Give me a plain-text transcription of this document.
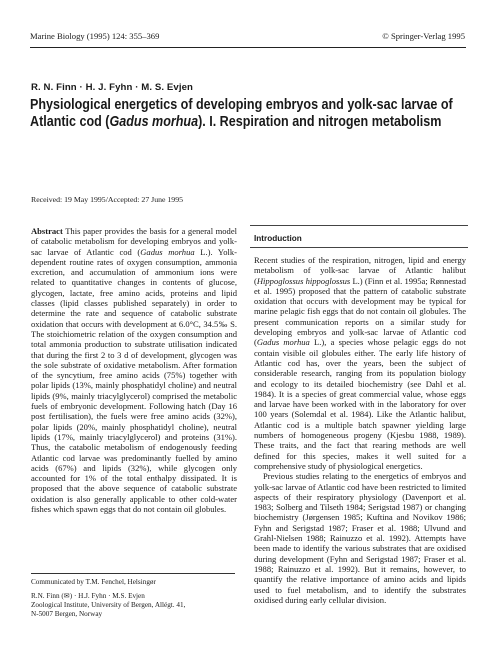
Marine Biology (1995) 124: 355–369	© Springer-Verlag 1995
R. N. Finn · H. J. Fyhn · M. S. Evjen
Physiological energetics of developing embryos and yolk-sac larvae of
Atlantic cod (Gadus morhua). I. Respiration and nitrogen metabolism
Received: 19 May 1995/Accepted: 27 June 1995

Abstract This paper provides the basis for a general model of catabolic metabolism for developing embryos and yolk-sac larvae of Atlantic cod (Gadus morhua L.). Yolk-dependent routine rates of oxygen consumption, ammonia excretion, and accumulation of ammonium ions were related to quantitative changes in contents of glucose, glycogen, lactate, free amino acids, proteins and lipid classes (lipid classes published separately) in order to determine the rate and sequence of catabolic substrate oxidation that occurs with development at 6.0°C, 34.5‰ S. The stoichiometric relation of the oxygen consumption and total ammonia production to substrate utilisation indicated that during the first 2 to 3 d of development, glycogen was the sole substrate of oxidative metabolism. After formation of the syncytium, free amino acids (75%) together with polar lipids (13%, mainly phosphatidyl choline) and neutral lipids (9%, mainly triacylglycerol) comprised the metabolic fuels of embryonic development. Following hatch (Day 16 post fertilisation), the fuels were free amino acids (32%), polar lipids (20%, mainly phosphatidyl choline), neutral lipids (17%, mainly triacylglycerol) and proteins (31%). Thus, the catabolic metabolism of endogenously feeding Atlantic cod larvae was predominantly fuelled by amino acids (67%) and lipids (32%), while glycogen only accounted for 1% of the total enthalpy dissipated. It is proposed that the above sequence of catabolic substrate oxidation is also generally applicable to other cold-water fishes which spawn eggs that do not contain oil globules.

Communicated by T.M. Fenchel, Helsingør
R.N. Finn (✉) · H.J. Fyhn · M.S. Evjen
Zoological Institute, University of Bergen, Allégt. 41,
N-5007 Bergen, Norway
Introduction

Recent studies of the respiration, nitrogen, lipid and energy metabolism of yolk-sac larvae of Atlantic halibut (Hippoglossus hippoglossus L.) (Finn et al. 1995a; Rønnestad et al. 1995) proposed that the pattern of catabolic substrate oxidation that occurs with development may be typical for marine pelagic fish eggs that do not contain oil globules. The present communication reports on a similar study for developing embryos and yolk-sac larvae of Atlantic cod (Gadus morhua L.), a species whose pelagic eggs do not contain visible oil globules either. The early life history of Atlantic cod has, over the years, been the subject of considerable research, ranging from its population biology and ecology to its detailed biochemistry (see Dahl et al. 1984). It is a species of great commercial value, whose eggs and larvae have been worked with in the laboratory for over 100 years (Solemdal et al. 1984). Like the Atlantic halibut, Atlantic cod is a multiple batch spawner yielding large numbers of homogeneous progeny (Kjesbu 1988, 1989). These traits, and the fact that rearing methods are well defined for this species, makes it well suited for a comprehensive study of physiological energetics.

Previous studies relating to the energetics of embryos and yolk-sac larvae of Atlantic cod have been restricted to limited aspects of their respiratory physiology (Davenport et al. 1983; Solberg and Tilseth 1984; Serigstad 1987) or changing biochemistry (Jørgensen 1985; Kuftina and Novikov 1986; Fyhn and Serigstad 1987; Fraser et al. 1988; Ulvund and Grahl-Nielsen 1988; Rainuzzo et al. 1992). Attempts have been made to identify the various substrates that are oxidised during development (Fyhn and Serigstad 1987; Fraser et al. 1988; Rainuzzo et al. 1992). But it remains, however, to quantify the relative importance of amino acids and lipids used to fuel metabolism, and to identify the substrates oxidised during early cellular division.
